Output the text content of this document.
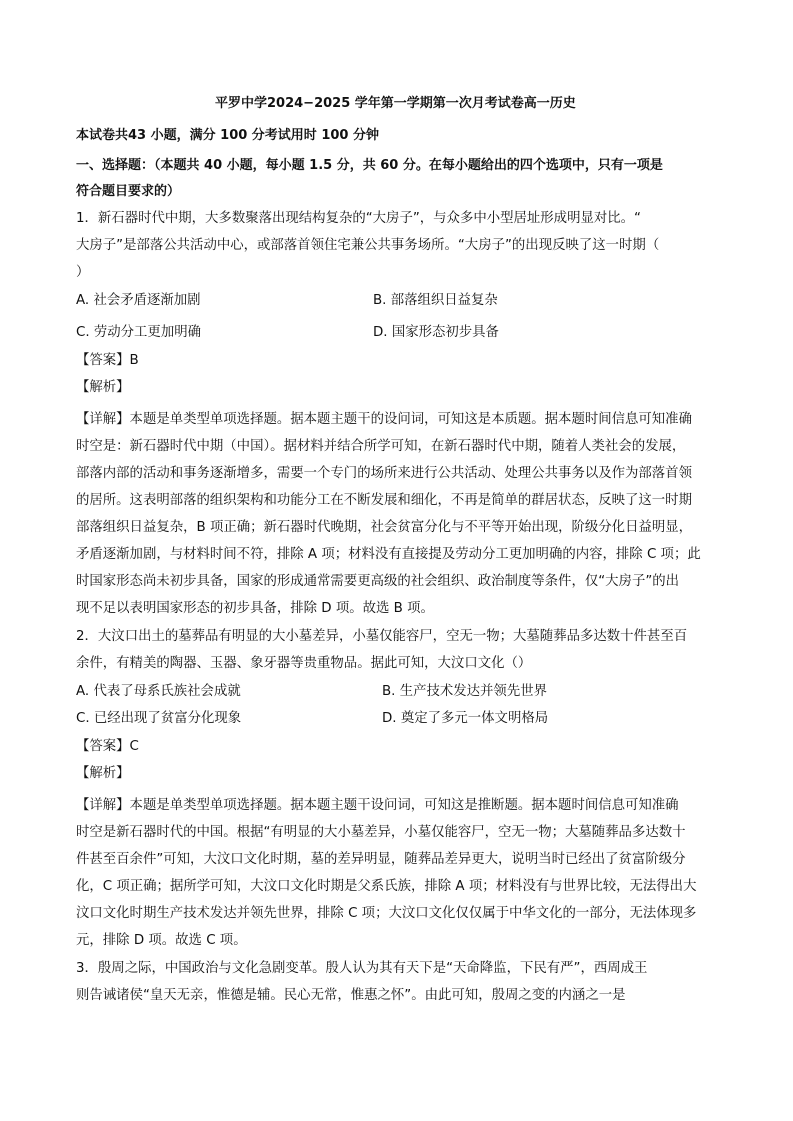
平罗中学2024−2025 学年第一学期第一次月考试卷高一历史
本试卷共43 小题，满分 100 分考试用时 100 分钟
一、选择题：（本题共 40 小题，每小题 1.5 分，共 60 分。在每小题给出的四个选项中，只有一项是
符合题目要求的）
1．新石器时代中期，大多数聚落出现结构复杂的“大房子”，与众多中小型居址形成明显对比。“
大房子”是部落公共活动中心，或部落首领住宅兼公共事务场所。“大房子”的出现反映了这一时期（
）
A. 社会矛盾逐渐加剧	B. 部落组织日益复杂
C. 劳动分工更加明确	D. 国家形态初步具备
【答案】B
【解析】
【详解】本题是单类型单项选择题。据本题主题干的设问词，可知这是本质题。据本题时间信息可知准确
时空是：新石器时代中期（中国）。据材料并结合所学可知，在新石器时代中期，随着人类社会的发展，
部落内部的活动和事务逐渐增多，需要一个专门的场所来进行公共活动、处理公共事务以及作为部落首领
的居所。这表明部落的组织架构和功能分工在不断发展和细化，不再是简单的群居状态，反映了这一时期
部落组织日益复杂，B 项正确；新石器时代晚期，社会贫富分化与不平等开始出现，阶级分化日益明显，
矛盾逐渐加剧，与材料时间不符，排除 A 项；材料没有直接提及劳动分工更加明确的内容，排除 C 项；此
时国家形态尚未初步具备，国家的形成通常需要更高级的社会组织、政治制度等条件，仅“大房子”的出
现不足以表明国家形态的初步具备，排除 D 项。故选 B 项。
2．大汶口出土的墓葬品有明显的大小墓差异，小墓仅能容尸，空无一物；大墓随葬品多达数十件甚至百
余件，有精美的陶器、玉器、象牙器等贵重物品。据此可知，大汶口文化（）
A. 代表了母系氏族社会成就	B. 生产技术发达并领先世界
C. 已经出现了贫富分化现象	D. 奠定了多元一体文明格局
【答案】C
【解析】
【详解】本题是单类型单项选择题。据本题主题干设问词，可知这是推断题。据本题时间信息可知准确
时空是新石器时代的中国。根据“有明显的大小墓差异，小墓仅能容尸，空无一物；大墓随葬品多达数十
件甚至百余件”可知，大汶口文化时期，墓的差异明显，随葬品差异更大，说明当时已经出了贫富阶级分
化，C 项正确；据所学可知，大汶口文化时期是父系氏族，排除 A 项；材料没有与世界比较，无法得出大
汶口文化时期生产技术发达并领先世界，排除 C 项；大汶口文化仅仅属于中华文化的一部分，无法体现多
元，排除 D 项。故选 C 项。
3．殷周之际，中国政治与文化急剧变革。殷人认为其有天下是“天命降监，下民有严”，西周成王
则告诫诸侯“皇天无亲，惟德是辅。民心无常，惟惠之怀”。由此可知，殷周之变的内涵之一是
